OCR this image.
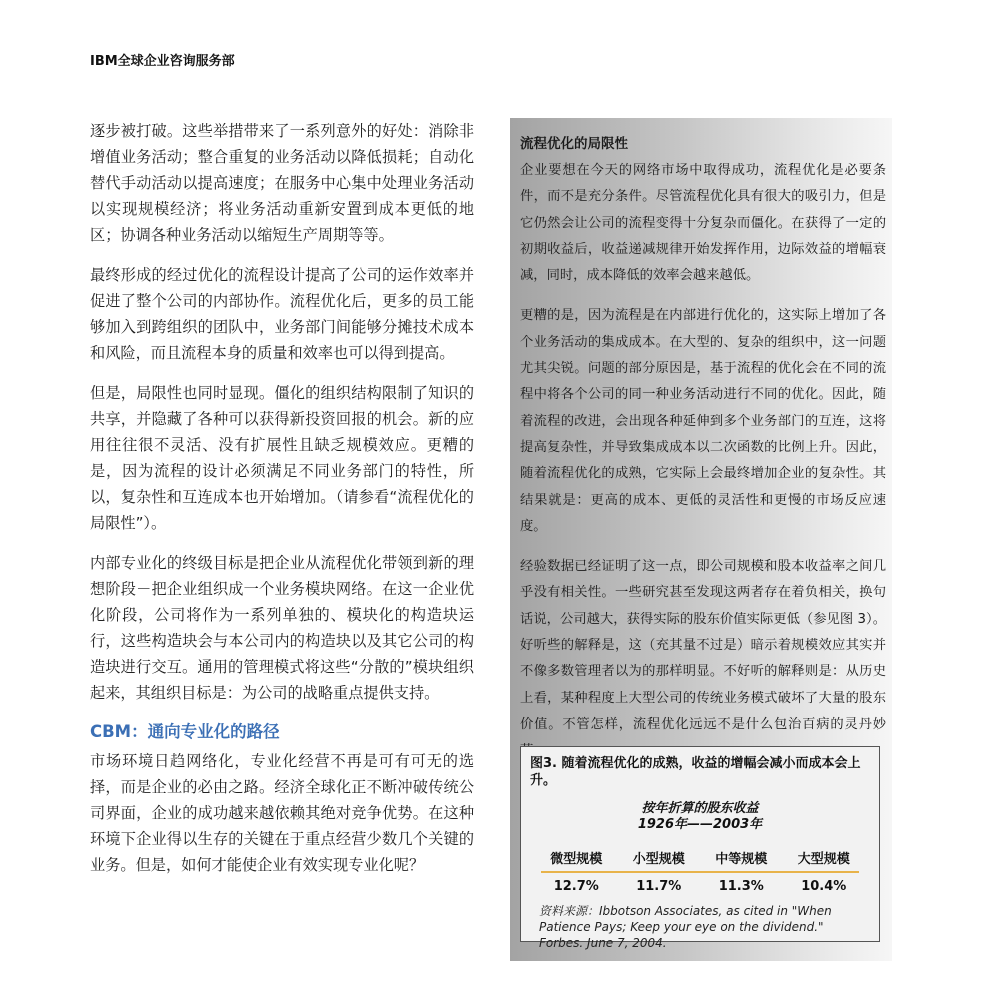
IBM全球企业咨询服务部

逐步被打破。这些举措带来了一系列意外的好处：消除非增值业务活动；整合重复的业务活动以降低损耗；自动化替代手动活动以提高速度；在服务中心集中处理业务活动以实现规模经济；将业务活动重新安置到成本更低的地区；协调各种业务活动以缩短生产周期等等。

最终形成的经过优化的流程设计提高了公司的运作效率并促进了整个公司的内部协作。流程优化后，更多的员工能够加入到跨组织的团队中，业务部门间能够分摊技术成本和风险，而且流程本身的质量和效率也可以得到提高。

但是，局限性也同时显现。僵化的组织结构限制了知识的共享，并隐藏了各种可以获得新投资回报的机会。新的应用往往很不灵活、没有扩展性且缺乏规模效应。更糟的是，因为流程的设计必须满足不同业务部门的特性，所以，复杂性和互连成本也开始增加。（请参看“流程优化的局限性”）。

内部专业化的终级目标是把企业从流程优化带领到新的理想阶段－把企业组织成一个业务模块网络。在这一企业优化阶段，公司将作为一系列单独的、模块化的构造块运行，这些构造块会与本公司内的构造块以及其它公司的构造块进行交互。通用的管理模式将这些“分散的”模块组织起来，其组织目标是：为公司的战略重点提供支持。

CBM：通向专业化的路径

市场环境日趋网络化，专业化经营不再是可有可无的选择，而是企业的必由之路。经济全球化正不断冲破传统公司界面，企业的成功越来越依赖其绝对竞争优势。在这种环境下企业得以生存的关键在于重点经营少数几个关键的业务。但是，如何才能使企业有效实现专业化呢？

流程优化的局限性

企业要想在今天的网络市场中取得成功，流程优化是必要条件，而不是充分条件。尽管流程优化具有很大的吸引力，但是它仍然会让公司的流程变得十分复杂而僵化。在获得了一定的初期收益后，收益递减规律开始发挥作用，边际效益的增幅衰减，同时，成本降低的效率会越来越低。

更糟的是，因为流程是在内部进行优化的，这实际上增加了各个业务活动的集成成本。在大型的、复杂的组织中，这一问题尤其尖锐。问题的部分原因是，基于流程的优化会在不同的流程中将各个公司的同一种业务活动进行不同的优化。因此，随着流程的改进，会出现各种延伸到多个业务部门的互连，这将提高复杂性，并导致集成成本以二次函数的比例上升。因此，随着流程优化的成熟，它实际上会最终增加企业的复杂性。其结果就是：更高的成本、更低的灵活性和更慢的市场反应速度。

经验数据已经证明了这一点，即公司规模和股本收益率之间几乎没有相关性。一些研究甚至发现这两者存在着负相关，换句话说，公司越大，获得实际的股东价值实际更低（参见图 3）。好听些的解释是，这（充其量不过是）暗示着规模效应其实并不像多数管理者以为的那样明显。不好听的解释则是：从历史上看，某种程度上大型公司的传统业务模式破坏了大量的股东价值。不管怎样，流程优化远远不是什么包治百病的灵丹妙

图3. 随着流程优化的成熟，收益的增幅会减小而成本会上升。
按年折算的股东收益
1926年——2003年
微型规模	小型规模	中等规模	大型规模
12.7%	11.7%	11.3%	10.4%
资料来源：Ibbotson Associates, as cited in "When Patience Pays; Keep your eye on the dividend." Forbes. June 7, 2004.
